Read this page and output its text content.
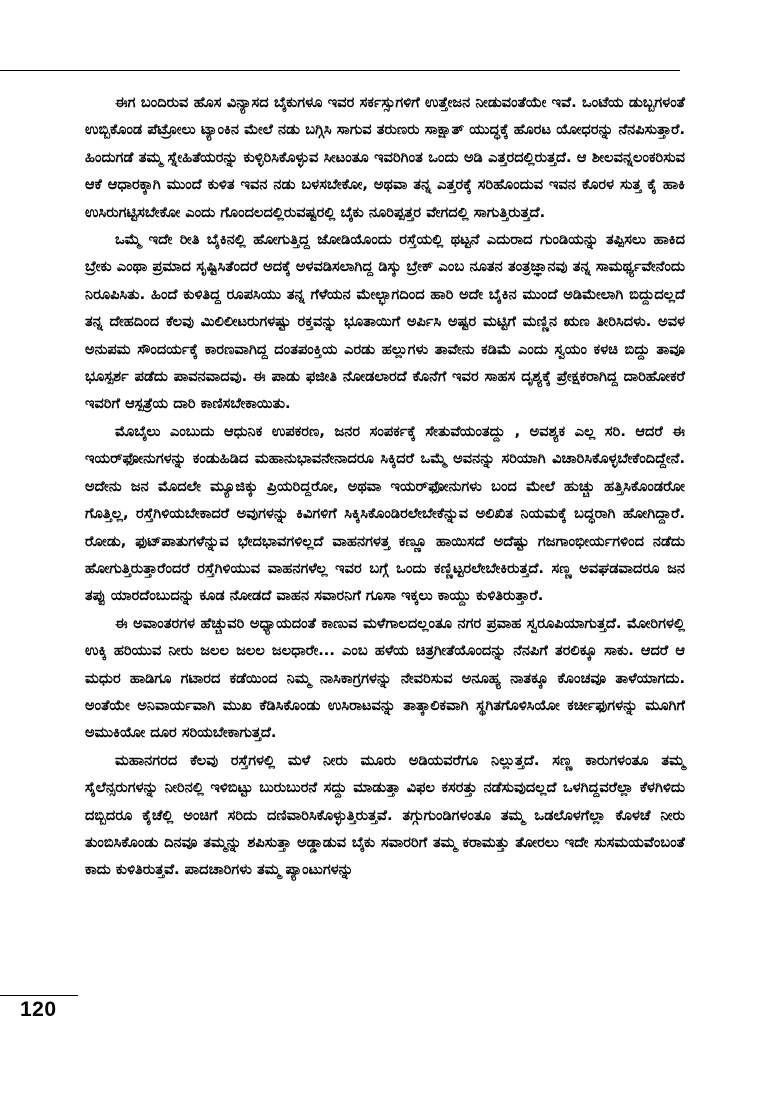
ಈಗ ಬಂದಿರುವ ಹೊಸ ವಿನ್ಯಾಸದ ಬೈಕುಗಳೂ ಇವರ ಸರ್ಕಸ್ಸುಗಳಿಗೆ ಉತ್ತೇಜನ ನೀಡುವಂತೆಯೇ ಇವೆ. ಒಂಟೆಯ ಡುಬ್ಬಗಳಂತೆ ಉಬ್ಬಿಕೊಂಡ ಪೆಟ್ರೋಲು ಟ್ಯಾಂಕಿನ ಮೇಲೆ ನಡು ಬಗ್ಗಿಸಿ ಸಾಗುವ ತರುಣರು ಸಾಕ್ಷಾತ್ ಯುದ್ಧಕ್ಕೆ ಹೊರಟ ಯೋಧರನ್ನು ನೆನಪಿಸುತ್ತಾರೆ. ಹಿಂದುಗಡೆ ತಮ್ಮ ಸ್ನೇಹಿತೆಯರನ್ನು ಕುಳ್ಳಿರಿಸಿಕೊಳ್ಳುವ ಸೀಟಂತೂ ಇವರಿಗಿಂತ ಒಂದು ಅಡಿ ಎತ್ತರದಲ್ಲಿರುತ್ತದೆ. ಆ ಶೀಲವನ್ನಲಂಕರಿಸುವ ಆಕೆ ಆಧಾರಕ್ಕಾಗಿ ಮುಂದೆ ಕುಳಿತ ಇವನ ನಡು ಬಳಸಬೇಕೋ, ಅಥವಾ ತನ್ನ ಎತ್ತರಕ್ಕೆ ಸರಿಹೊಂದುವ ಇವನ ಕೊರಳ ಸುತ್ತ ಕೈ ಹಾಕಿ ಉಸಿರುಗಟ್ಟಿಸಬೇಕೋ ಎಂದು ಗೊಂದಲದಲ್ಲಿರುವಷ್ಟರಲ್ಲಿ ಬೈಕು ನೂರಿಪ್ಪತ್ತರ ವೇಗದಲ್ಲಿ ಸಾಗುತ್ತಿರುತ್ತದೆ.

ಒಮ್ಮೆ ಇದೇ ರೀತಿ ಬೈಕಿನಲ್ಲಿ ಹೋಗುತ್ತಿದ್ದ ಜೋಡಿಯೊಂದು ರಸ್ತೆಯಲ್ಲಿ ಥಟ್ಟನೆ ಎದುರಾದ ಗುಂಡಿಯನ್ನು ತಪ್ಪಿಸಲು ಹಾಕಿದ ಬ್ರೇಕು ಎಂಥಾ ಪ್ರಮಾದ ಸೃಷ್ಟಿಸಿತೆಂದರೆ ಅದಕ್ಕೆ ಅಳವಡಿಸಲಾಗಿದ್ದ ಡಿಸ್ಕು ಬ್ರೇಕ್ ಎಂಬ ನೂತನ ತಂತ್ರಜ್ಞಾನವು ತನ್ನ ಸಾಮರ್ಥ್ಯವೇನೆಂದು ನಿರೂಪಿಸಿತು. ಹಿಂದೆ ಕುಳಿತಿದ್ದ ರೂಪಸಿಯು ತನ್ನ ಗೆಳೆಯನ ಮೇಲ್ಭಾಗದಿಂದ ಹಾರಿ ಅದೇ ಬೈಕಿನ ಮುಂದೆ ಅಡಿಮೇಲಾಗಿ ಬಿದ್ದುದಲ್ಲದೆ ತನ್ನ ದೇಹದಿಂದ ಕೆಲವು ಮಿಲಿಲೀಟರುಗಳಷ್ಟು ರಕ್ತವನ್ನು ಭೂತಾಯಿಗೆ ಅರ್ಪಿಸಿ ಅಷ್ಟರ ಮಟ್ಟಿಗೆ ಮಣ್ಣಿನ ಋಣ ತೀರಿಸಿದಳು. ಅವಳ ಅನುಪಮ ಸೌಂದರ್ಯಕ್ಕೆ ಕಾರಣವಾಗಿದ್ದ ದಂತಪಂಕ್ತಿಯ ಎರಡು ಹಲ್ಲುಗಳು ತಾವೇನು ಕಡಿಮೆ ಎಂದು ಸ್ವಯಂ ಕಳಚಿ ಬಿದ್ದು ತಾವೂ ಭೂಸ್ಪರ್ಶ ಪಡೆದು ಪಾವನವಾದವು. ಈ ಪಾಡು ಫಜೀತಿ ನೋಡಲಾರದೆ ಕೊನೆಗೆ ಇವರ ಸಾಹಸ ದೃಶ್ಯಕ್ಕೆ ಪ್ರೇಕ್ಷಕರಾಗಿದ್ದ ದಾರಿಹೋಕರೆ ಇವರಿಗೆ ಆಸ್ಪತ್ರೆಯ ದಾರಿ ಕಾಣಿಸಬೇಕಾಯಿತು.

ಮೊಬೈಲು ಎಂಬುದು ಆಧುನಿಕ ಉಪಕರಣ, ಜನರ ಸಂಪರ್ಕಕ್ಕೆ ಸೇತುವೆಯಂತದ್ದು , ಅವಶ್ಯಕ ಎಲ್ಲ ಸರಿ. ಆದರೆ ಈ ಇಯರ್‌ಫೋನುಗಳನ್ನು ಕಂಡುಹಿಡಿದ ಮಹಾನುಭಾವನೇನಾದರೂ ಸಿಕ್ಕಿದರೆ ಒಮ್ಮೆ ಅವನನ್ನು ಸರಿಯಾಗಿ ವಿಚಾರಿಸಿಕೊಳ್ಳಬೇಕೆಂದಿದ್ದೇನೆ. ಅದೇನು ಜನ ಮೊದಲೇ ಮ್ಯೂಜಿಕ್ಕು ಪ್ರಿಯರಿದ್ದರೋ, ಅಥವಾ ಇಯರ್‌ಫೋನುಗಳು ಬಂದ ಮೇಲೆ ಹುಚ್ಚು ಹತ್ತಿಸಿಕೊಂಡರೋ ಗೊತ್ತಿಲ್ಲ, ರಸ್ತೆಗಿಳಿಯಬೇಕಾದರೆ ಅವುಗಳನ್ನು ಕಿವಿಗಳಿಗೆ ಸಿಕ್ಕಿಸಿಕೊಂಡಿರಲೇಬೇಕೆನ್ನುವ ಅಲಿಖಿತ ನಿಯಮಕ್ಕೆ ಬದ್ಧರಾಗಿ ಹೋಗಿದ್ದಾರೆ. ರೋಡು, ಫುಟ್‌ಪಾತುಗಳೆನ್ನುವ ಭೇದಭಾವಗಳಿಲ್ಲದೆ ವಾಹನಗಳತ್ತ ಕಣ್ಣೂ ಹಾಯಿಸದೆ ಅದೆಷ್ಟು ಗಜಗಾಂಭೀರ್ಯಗಳಿಂದ ನಡೆದು ಹೋಗುತ್ತಿರುತ್ತಾರೆಂದರೆ ರಸ್ತೆಗಿಳಿಯುವ ವಾಹನಗಳೆಲ್ಲ ಇವರ ಬಗ್ಗೆ ಒಂದು ಕಣ್ಣಿಟ್ಟರಲೇಬೇಕಿರುತ್ತದೆ. ಸಣ್ಣ ಅವಘಡವಾದರೂ ಜನ ತಪ್ಪು ಯಾರದೆಂಬುದನ್ನು ಕೂಡ ನೋಡದೆ ವಾಹನ ಸವಾರನಿಗೆ ಗೂಸಾ ಇಕ್ಕಲು ಕಾಯ್ದು ಕುಳಿತಿರುತ್ತಾರೆ.

ಈ ಅವಾಂತರಗಳ ಹೆಚ್ಚುವರಿ ಅಧ್ಯಾಯದಂತೆ ಕಾಣುವ ಮಳೆಗಾಲದಲ್ಲಂತೂ ನಗರ ಪ್ರವಾಹ ಸ್ವರೂಪಿಯಾಗುತ್ತದೆ. ಮೋರಿಗಳಲ್ಲಿ ಉಕ್ಕಿ ಹರಿಯುವ ನೀರು ಜಲಲ ಜಲಲ ಜಲಧಾರೇ... ಎಂಬ ಹಳೆಯ ಚಿತ್ರಗೀತೆಯೊಂದನ್ನು ನೆನಪಿಗೆ ತರಲಿಕ್ಕೂ ಸಾಕು. ಆದರೆ ಆ ಮಧುರ ಹಾಡಿಗೂ ಗಟಾರದ ಕಡೆಯಿಂದ ನಿಮ್ಮ ನಾಸಿಕಾಗ್ರಗಳನ್ನು ನೇವರಿಸುವ ಅನೂಹ್ಯ ನಾತಕ್ಕೂ ಕೊಂಚವೂ ತಾಳೆಯಾಗದು. ಅಂತೆಯೇ ಅನಿವಾರ್ಯವಾಗಿ ಮುಖ ಕೆಡಿಸಿಕೊಂಡು ಉಸಿರಾಟವನ್ನು ತಾತ್ಕಾಲಿಕವಾಗಿ ಸ್ಥಗಿತಗೊಳಿಸಿಯೋ ಕರ್ಚೀಫುಗಳನ್ನು ಮೂಗಿಗೆ ಅಮುಕಿಯೋ ದೂರ ಸರಿಯಬೇಕಾಗುತ್ತದೆ.

ಮಹಾನಗರದ ಕೆಲವು ರಸ್ತೆಗಳಲ್ಲಿ ಮಳೆ ನೀರು ಮೂರು ಅಡಿಯವರೆಗೂ ನಿಲ್ಲುತ್ತದೆ. ಸಣ್ಣ ಕಾರುಗಳಂತೂ ತಮ್ಮ ಸೈಲೆನ್ಸರುಗಳನ್ನು ನೀರಿನಲ್ಲಿ ಇಳಿಬಿಟ್ಟು ಬುರುಬುರನೆ ಸದ್ದು ಮಾಡುತ್ತಾ ವಿಫಲ ಕಸರತ್ತು ನಡೆಸುವುದಲ್ಲದೆ ಒಳಗಿದ್ದವರೆಲ್ಲಾ ಕೆಳಗಿಳಿದು ದಬ್ಬಿದರೂ ಕೈಚೆಲ್ಲಿ ಅಂಚಿಗೆ ಸರಿದು ದಣಿವಾರಿಸಿಕೊಳ್ಳುತ್ತಿರುತ್ತವೆ. ತಗ್ಗುಗುಂಡಿಗಳಂತೂ ತಮ್ಮ ಒಡಲೊಳಗೆಲ್ಲಾ ಕೊಳಚೆ ನೀರು ತುಂಬಿಸಿಕೊಂಡು ದಿನವೂ ತಮ್ಮನ್ನು ಶಪಿಸುತ್ತಾ ಅಡ್ಡಾಡುವ ಬೈಕು ಸವಾರರಿಗೆ ತಮ್ಮ ಕರಾಮತ್ತು ತೋರಲು ಇದೇ ಸುಸಮಯವೆಂಬಂತೆ ಕಾದು ಕುಳಿತಿರುತ್ತವೆ. ಪಾದಚಾರಿಗಳು ತಮ್ಮ ಪ್ಯಾಂಟುಗಳನ್ನು

120
